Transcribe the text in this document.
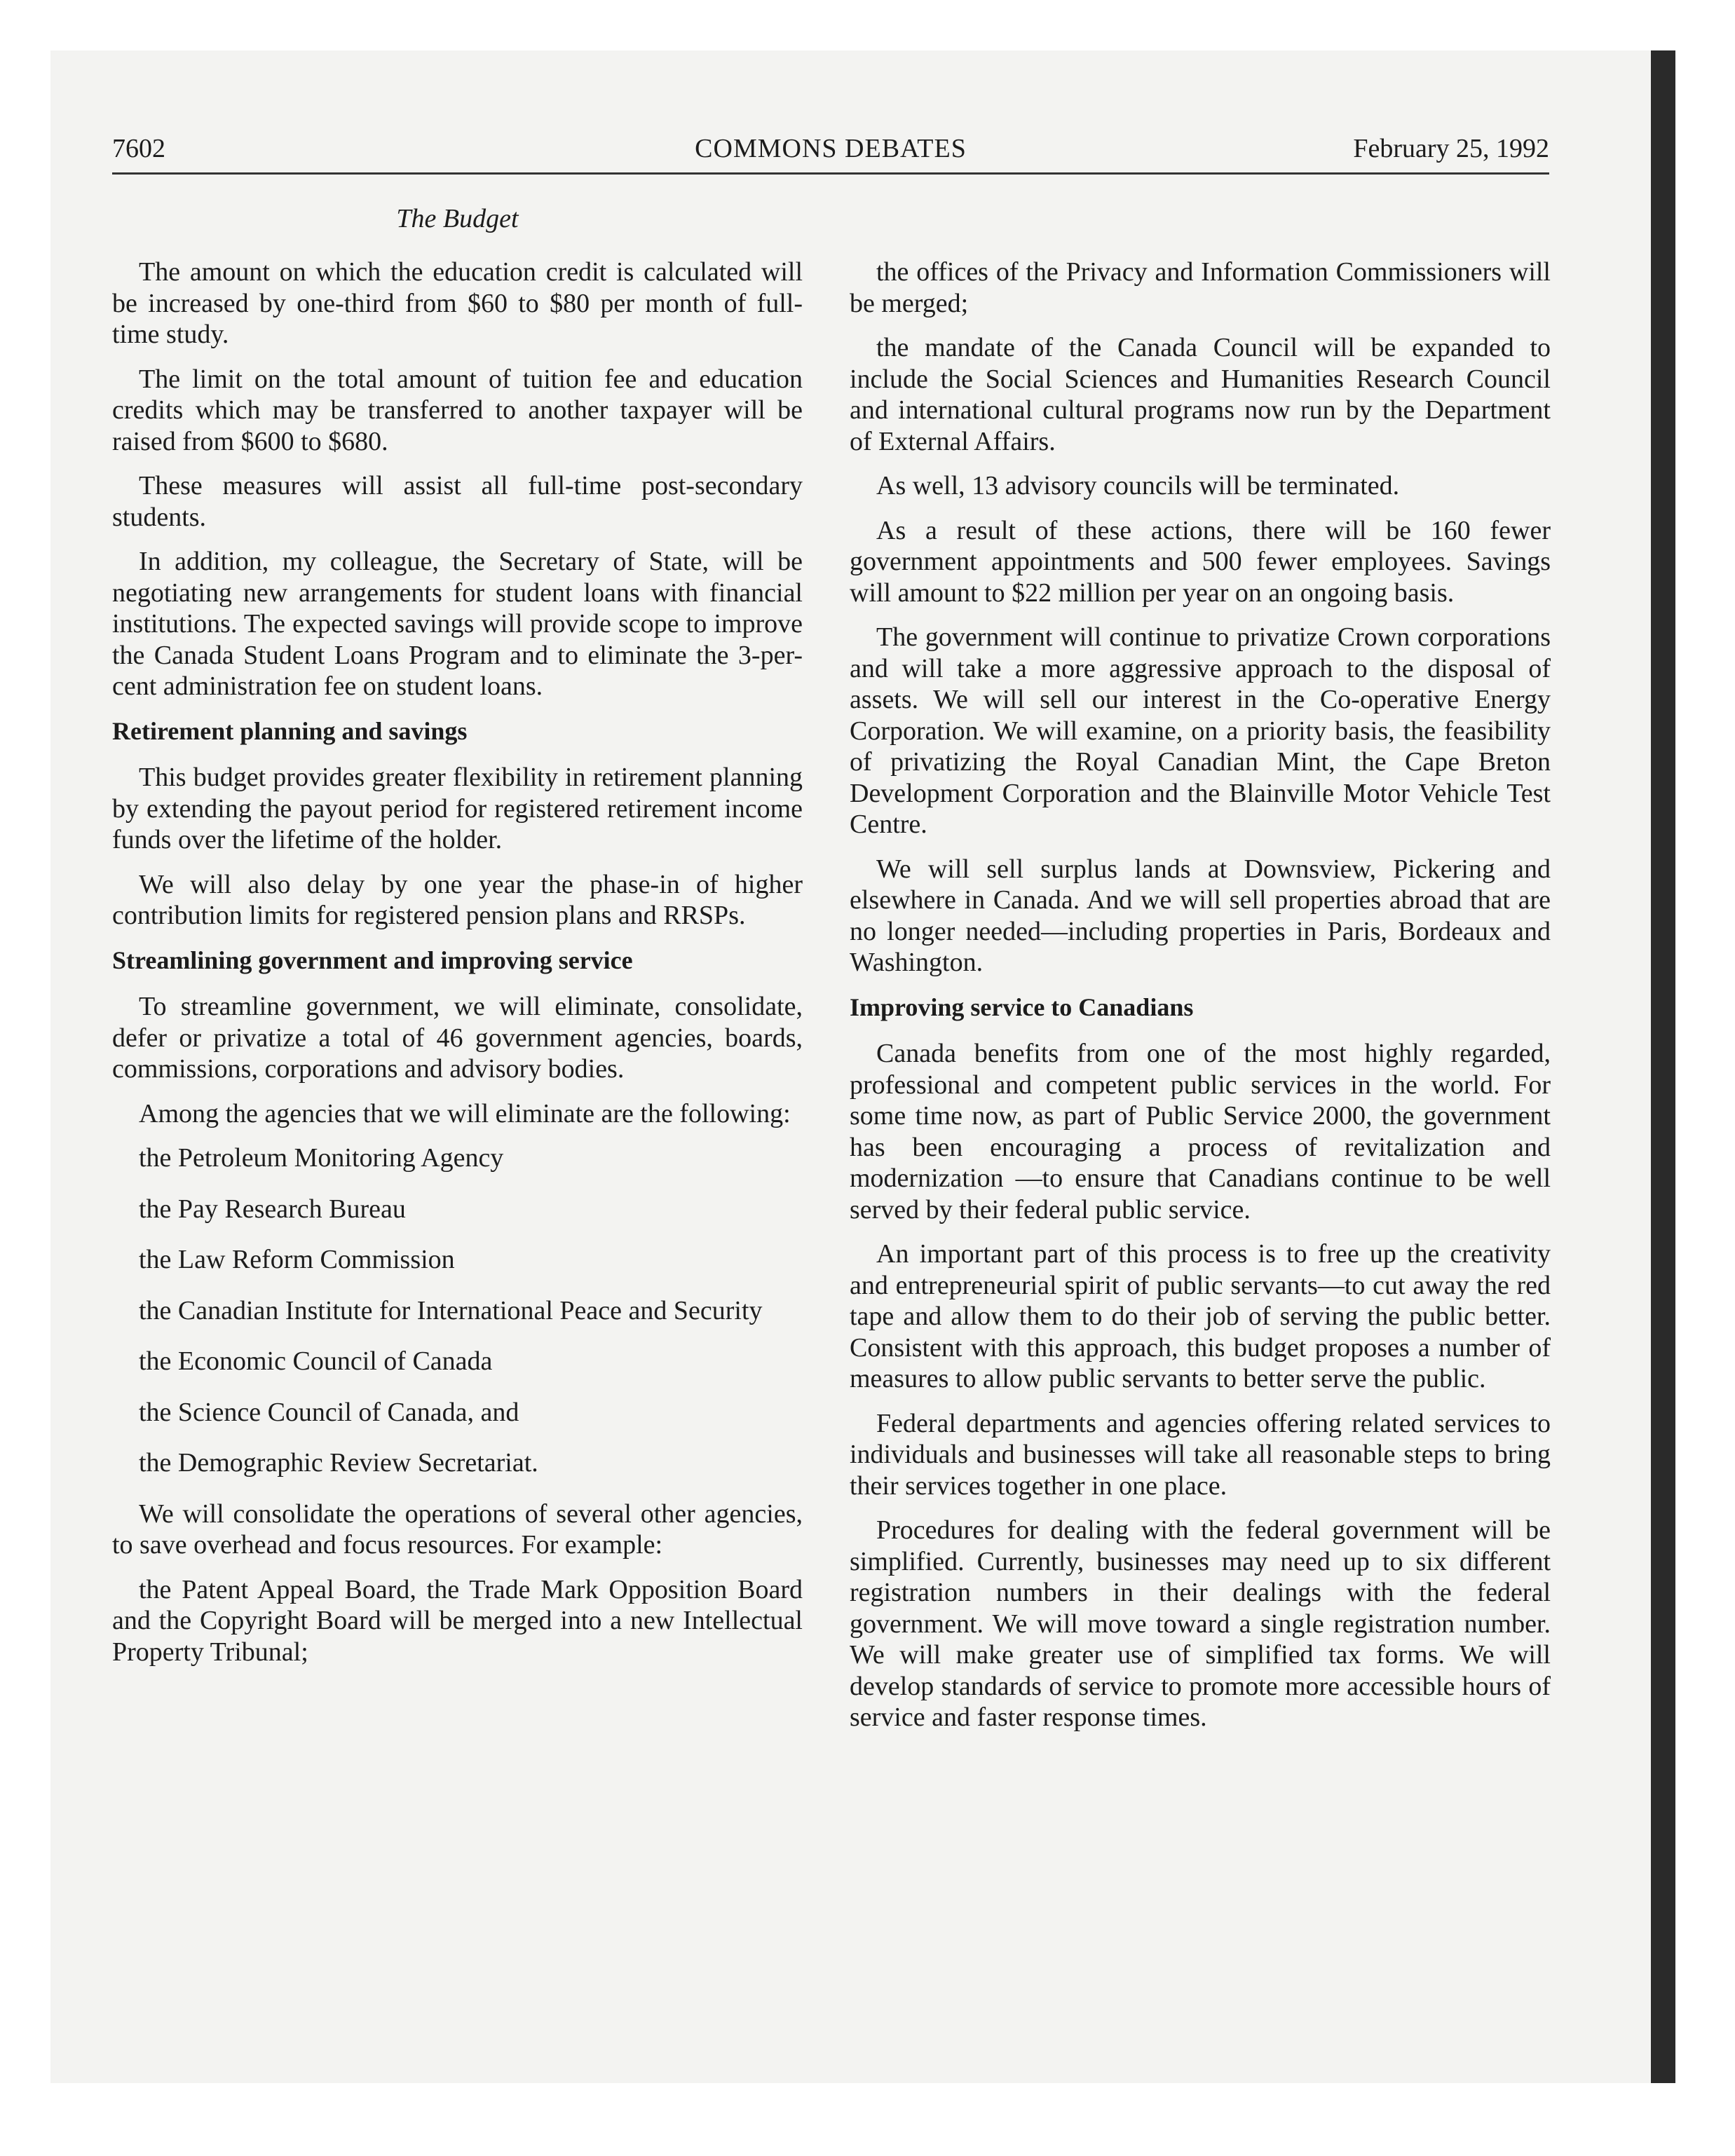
7602	COMMONS DEBATES	February 25, 1992
The Budget

The amount on which the education credit is calculated will be increased by one-third from $60 to $80 per month of full-time study.

The limit on the total amount of tuition fee and education credits which may be transferred to another taxpayer will be raised from $600 to $680.

These measures will assist all full-time post-secondary students.

In addition, my colleague, the Secretary of State, will be negotiating new arrangements for student loans with financial institutions. The expected savings will provide scope to improve the Canada Student Loans Program and to eliminate the 3-per-cent administration fee on student loans.

Retirement planning and savings

This budget provides greater flexibility in retirement planning by extending the payout period for registered retirement income funds over the lifetime of the holder.

We will also delay by one year the phase-in of higher contribution limits for registered pension plans and RRSPs.

Streamlining government and improving service

To streamline government, we will eliminate, consolidate, defer or privatize a total of 46 government agencies, boards, commissions, corporations and advisory bodies.

Among the agencies that we will eliminate are the following:

the Petroleum Monitoring Agency

the Pay Research Bureau

the Law Reform Commission

the Canadian Institute for International Peace and Security

the Economic Council of Canada

the Science Council of Canada, and

the Demographic Review Secretariat.

We will consolidate the operations of several other agencies, to save overhead and focus resources. For example:

the Patent Appeal Board, the Trade Mark Opposition Board and the Copyright Board will be merged into a new Intellectual Property Tribunal;

the offices of the Privacy and Information Commissioners will be merged;

the mandate of the Canada Council will be expanded to include the Social Sciences and Humanities Research Council and international cultural programs now run by the Department of External Affairs.

As well, 13 advisory councils will be terminated.

As a result of these actions, there will be 160 fewer government appointments and 500 fewer employees. Savings will amount to $22 million per year on an ongoing basis.

The government will continue to privatize Crown corporations and will take a more aggressive approach to the disposal of assets. We will sell our interest in the Co-operative Energy Corporation. We will examine, on a priority basis, the feasibility of privatizing the Royal Canadian Mint, the Cape Breton Development Corporation and the Blainville Motor Vehicle Test Centre.

We will sell surplus lands at Downsview, Pickering and elsewhere in Canada. And we will sell properties abroad that are no longer needed—including properties in Paris, Bordeaux and Washington.

Improving service to Canadians

Canada benefits from one of the most highly regarded, professional and competent public services in the world. For some time now, as part of Public Service 2000, the government has been encouraging a process of revitalization and modernization —to ensure that Canadians continue to be well served by their federal public service.

An important part of this process is to free up the creativity and entrepreneurial spirit of public servants—to cut away the red tape and allow them to do their job of serving the public better. Consistent with this approach, this budget proposes a number of measures to allow public servants to better serve the public.

Federal departments and agencies offering related services to individuals and businesses will take all reasonable steps to bring their services together in one place.

Procedures for dealing with the federal government will be simplified. Currently, businesses may need up to six different registration numbers in their dealings with the federal government. We will move toward a single registration number. We will make greater use of simplified tax forms. We will develop standards of service to promote more accessible hours of service and faster response times.
